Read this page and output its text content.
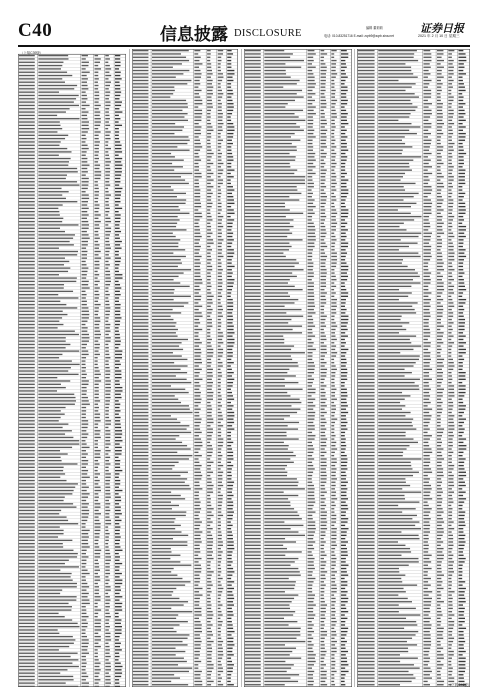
C40	信息披露 DISCLOSURE	编辑 董莉莉
电话: 010-83251716 E-mail: zqrb9@zqrb.sina.net
证券日报
2021 年 2 月 10 日 星期三
（上接C39版）
（下转C41版）
